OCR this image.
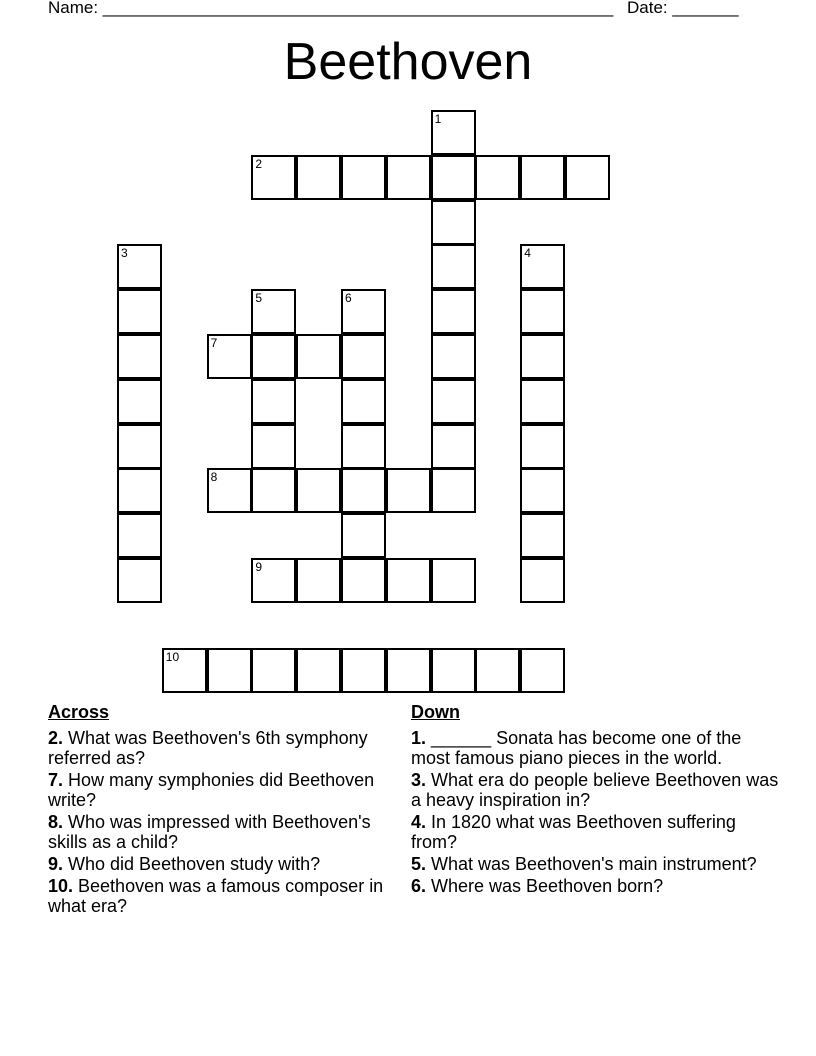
Name: ______________________________________________________ Date: _______
Beethoven
1
2
3	4
5	6
7
8
9
10
Across
2. What was Beethoven's 6th symphony referred as?
7. How many symphonies did Beethoven write?
8. Who was impressed with Beethoven's skills as a child?
9. Who did Beethoven study with?
10. Beethoven was a famous composer in what era?
Down
1. ______ Sonata has become one of the most famous piano pieces in the world.
3. What era do people believe Beethoven was a heavy inspiration in?
4. In 1820 what was Beethoven suffering from?
5. What was Beethoven's main instrument?
6. Where was Beethoven born?
